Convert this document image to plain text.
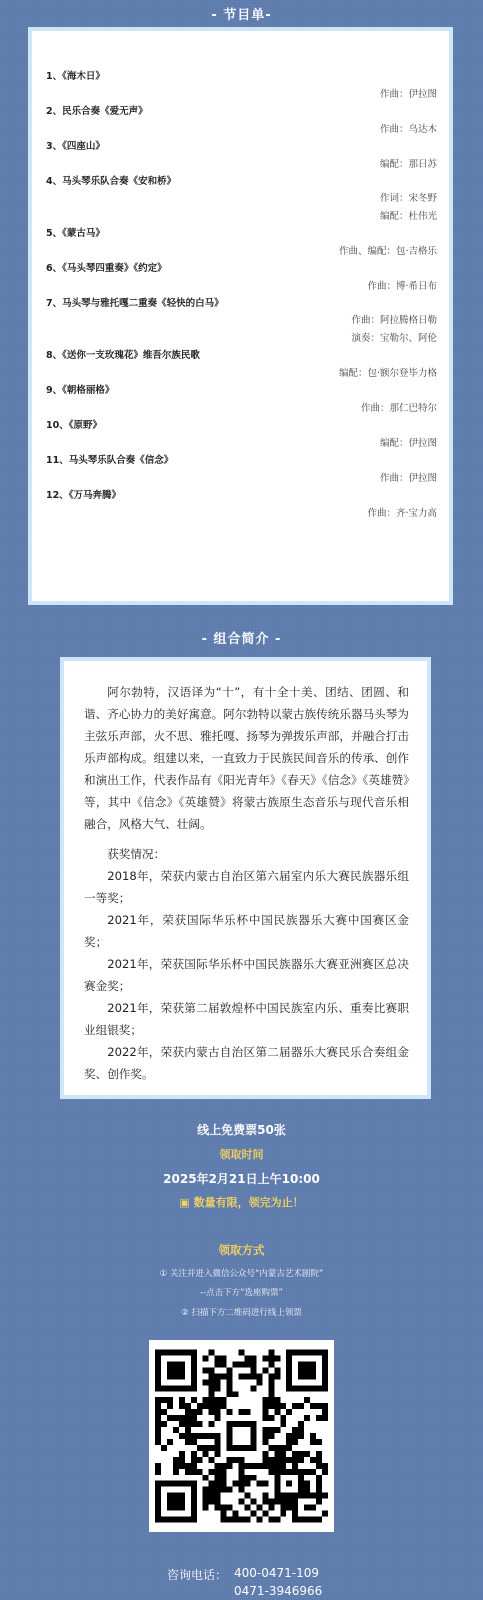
- 节目单-
1、《海木日》
作曲：伊拉图
2、民乐合奏《爱无声》
作曲：乌达木
3、《四座山》
编配：那日苏
4、马头琴乐队合奏《安和桥》
作词：宋冬野
编配：杜伟光
5、《蒙古马》
作曲、编配：包·吉格乐
6、《马头琴四重奏》《约定》
作曲：博·希日布
7、马头琴与雅托嘎二重奏《轻快的白马》
作曲：阿拉腾格日勒
演奏：宝勒尔、阿伦
8、《送你一支玫瑰花》维吾尔族民歌
编配：包·额尔登毕力格
9、《朝格丽格》
作曲：那仁巴特尔
10、《原野》
编配：伊拉图
11、马头琴乐队合奏《信念》
作曲：伊拉图
12、《万马奔腾》
作曲：齐·宝力高
- 组合简介 -

阿尔勃特，汉语译为“十”，有十全十美、团结、团圆、和谐、齐心协力的美好寓意。阿尔勃特以蒙古族传统乐器马头琴为主弦乐声部，火不思、雅托嘎、扬琴为弹拨乐声部，并融合打击乐声部构成。组建以来，一直致力于民族民间音乐的传承、创作和演出工作，代表作品有《阳光青年》《春天》《信念》《英雄赞》等，其中《信念》《英雄赞》将蒙古族原生态音乐与现代音乐相融合，风格大气、壮阔。

获奖情况：

2018年，荣获内蒙古自治区第六届室内乐大赛民族器乐组一等奖；

2021年，荣获国际华乐杯中国民族器乐大赛中国赛区金奖；

2021年，荣获国际华乐杯中国民族器乐大赛亚洲赛区总决赛金奖；

2021年，荣获第二届敦煌杯中国民族室内乐、重奏比赛职业组银奖；

2022年，荣获内蒙古自治区第二届器乐大赛民乐合奏组金奖、创作奖。

线上免费票50张
领取时间
2025年2月21日上午10:00
▣ 数量有限，领完为止！
领取方式
① 关注并进入微信公众号“内蒙古艺术剧院”
--点击下方“选座购票”
② 扫描下方二维码进行线上领票
咨询电话： 400-0471-109
0471-3946966
